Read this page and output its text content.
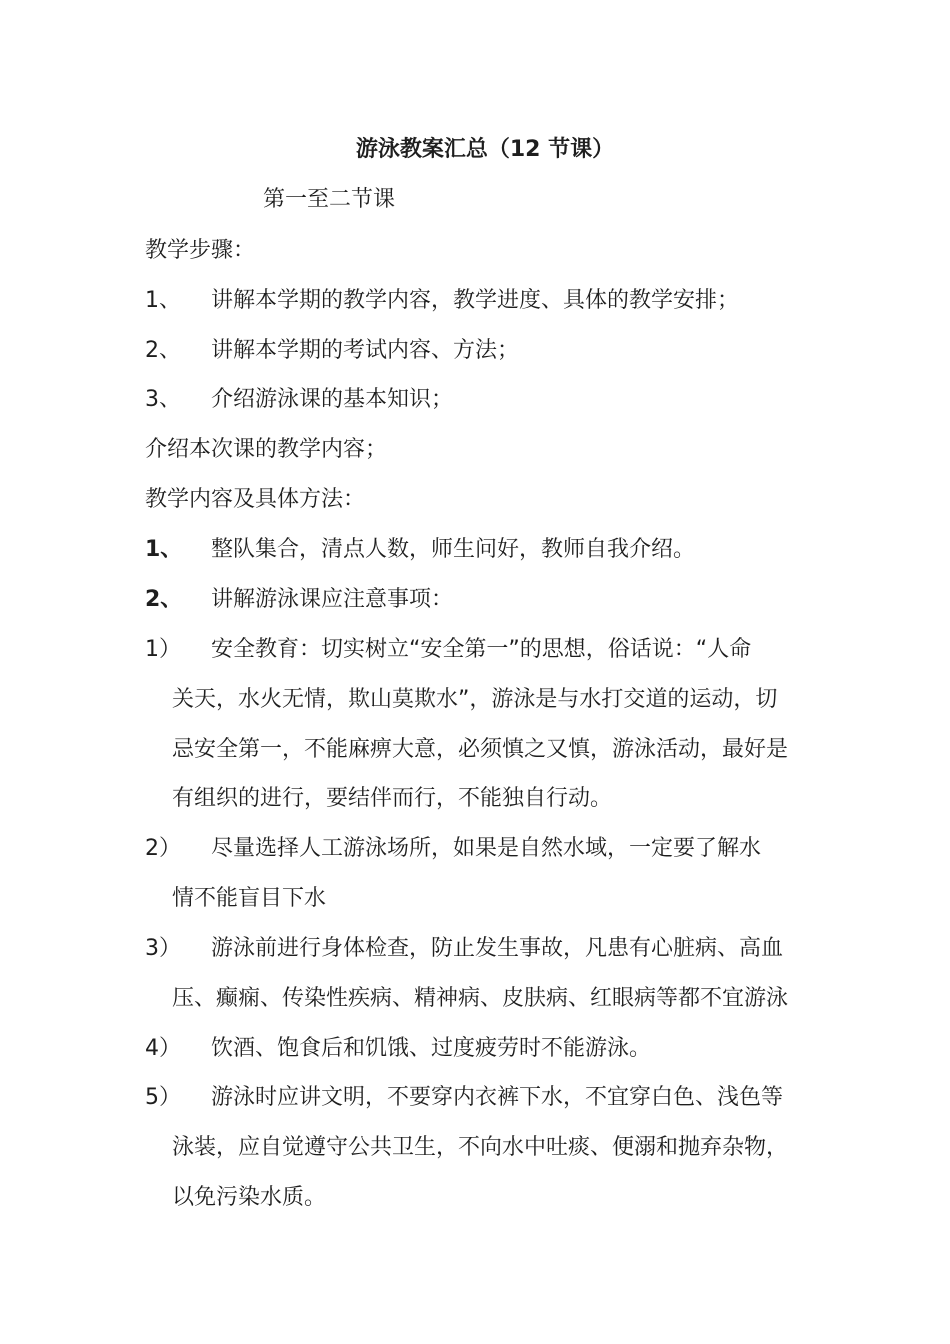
游泳教案汇总（12 节课）
第一至二节课
教学步骤：
1、 讲解本学期的教学内容，教学进度、具体的教学安排；
2、 讲解本学期的考试内容、方法；
3、 介绍游泳课的基本知识；
介绍本次课的教学内容；
教学内容及具体方法：
1、 整队集合，清点人数，师生问好，教师自我介绍。
2、 讲解游泳课应注意事项：
1） 安全教育：切实树立“安全第一”的思想，俗话说：“人命
关天，水火无情，欺山莫欺水”，游泳是与水打交道的运动，切
忌安全第一，不能麻痹大意，必须慎之又慎，游泳活动，最好是
有组织的进行，要结伴而行，不能独自行动。
2） 尽量选择人工游泳场所，如果是自然水域，一定要了解水
情不能盲目下水
3） 游泳前进行身体检查，防止发生事故，凡患有心脏病、高血
压、癫痫、传染性疾病、精神病、皮肤病、红眼病等都不宜游泳
4） 饮酒、饱食后和饥饿、过度疲劳时不能游泳。
5） 游泳时应讲文明，不要穿内衣裤下水，不宜穿白色、浅色等
泳装，应自觉遵守公共卫生，不向水中吐痰、便溺和抛弃杂物，
以免污染水质。
